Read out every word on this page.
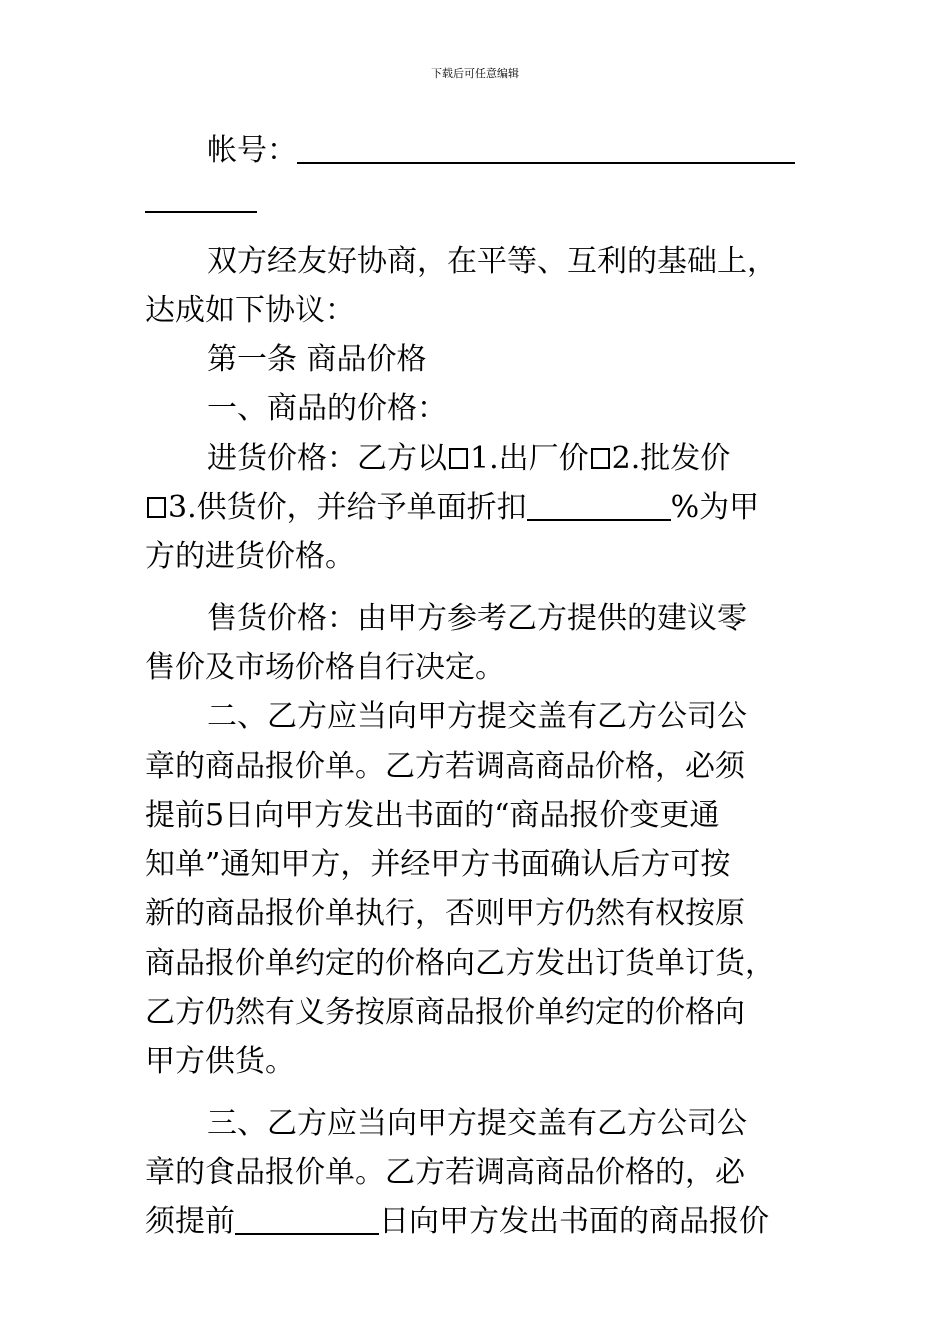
下载后可任意编辑
帐号：
双方经友好协商，在平等、互利的基础上，
达成如下协议：
第一条 商品价格
一、商品的价格：
进货价格：乙方以 1.出厂价 2.批发价
3.供货价，并给予单面折扣	%为甲
方的进货价格。
售货价格：由甲方参考乙方提供的建议零
售价及市场价格自行决定。
二、乙方应当向甲方提交盖有乙方公司公
章的商品报价单。乙方若调高商品价格，必须
提前5日向甲方发出书面的“商品报价变更通
知单”通知甲方，并经甲方书面确认后方可按
新的商品报价单执行，否则甲方仍然有权按原
商品报价单约定的价格向乙方发出订货单订货，
乙方仍然有义务按原商品报价单约定的价格向
甲方供货。
三、乙方应当向甲方提交盖有乙方公司公
章的食品报价单。乙方若调高商品价格的，必
须提前	日向甲方发出书面的商品报价
